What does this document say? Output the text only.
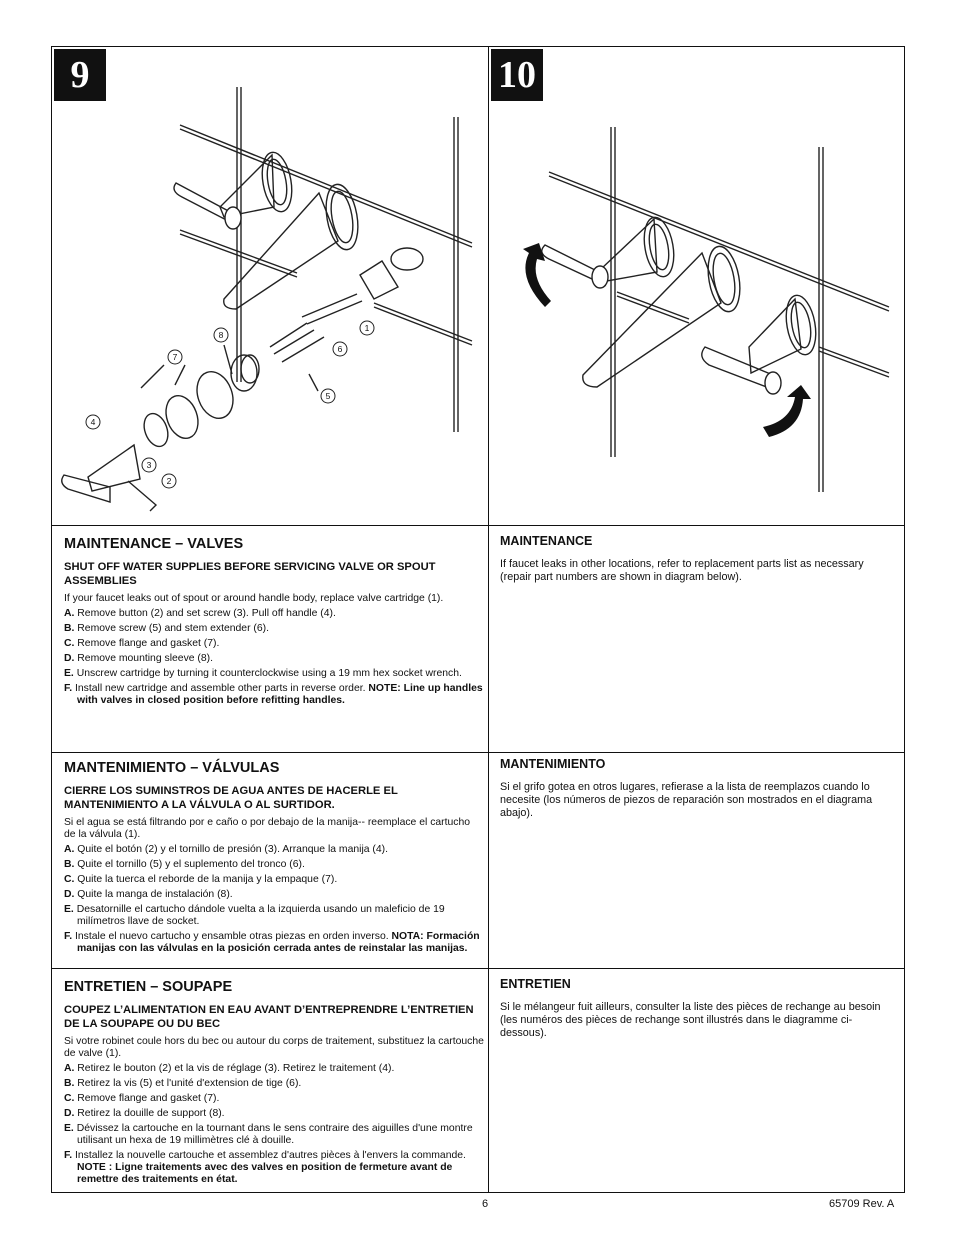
9	10
1
2
3
4
5
6
7
8
MAINTENANCE – VALVES

SHUT OFF WATER SUPPLIES BEFORE SERVICING VALVE OR SPOUT ASSEMBLIES

If your faucet leaks out of spout or around handle body, replace valve cartridge (1).

A. Remove button (2) and set screw (3). Pull off handle (4).

B. Remove screw (5) and stem extender (6).

C. Remove flange and gasket (7).

D. Remove mounting sleeve (8).

E. Unscrew cartridge by turning it counterclockwise using a 19 mm hex socket wrench.

F. Install new cartridge and assemble other parts in reverse order. NOTE: Line up handles with valves in closed position before refitting handles.

MAINTENANCE

If faucet leaks in other locations, refer to replacement parts list as necessary (repair part numbers are shown in diagram below).

MANTENIMIENTO – VÁLVULAS

CIERRE LOS SUMINSTROS DE AGUA ANTES DE HACERLE EL MANTENIMIENTO A LA VÁLVULA O AL SURTIDOR.

Si el agua se está filtrando por e caño o por debajo de la manija-- reemplace el cartucho de la válvula (1).

A. Quite el botón (2) y el tornillo de presión (3). Arranque la manija (4).

B. Quite el tornillo (5) y el suplemento del tronco (6).

C. Quite la tuerca el reborde de la manija y la empaque (7).

D. Quite la manga de instalación (8).

E. Desatornille el cartucho dándole vuelta a la izquierda usando un maleficio de 19 milímetros llave de socket.

F. Instale el nuevo cartucho y ensamble otras piezas en orden inverso. NOTA: Formación manijas con las válvulas en la posición cerrada antes de reinstalar las manijas.

MANTENIMIENTO

Si el grifo gotea en otros lugares, refierase a la lista de reemplazos cuando lo necesite (los números de piezos de reparación son mostrados en el diagrama abajo).

ENTRETIEN – SOUPAPE

COUPEZ L’ALIMENTATION EN EAU AVANT D’ENTREPRENDRE L’ENTRETIEN DE LA SOUPAPE OU DU BEC

Si votre robinet coule hors du bec ou autour du corps de traitement, substituez la cartouche de valve (1).

A. Retirez le bouton (2) et la vis de réglage (3). Retirez le traitement (4).

B. Retirez la vis (5) et l'unité d'extension de tige (6).

C. Remove flange and gasket (7).

D. Retirez la douille de support (8).

E. Dévissez la cartouche en la tournant dans le sens contraire des aiguilles d'une montre utilisant un hexa de 19 millimètres clé à douille.

F. Installez la nouvelle cartouche et assemblez d'autres pièces à l'envers la commande. NOTE : Ligne traitements avec des valves en position de fermeture avant de remettre des traitements en état.

ENTRETIEN

Si le mélangeur fuit ailleurs, consulter la liste des pièces de rechange au besoin (les numéros des pièces de rechange sont illustrés dans le diagramme ci-dessous).

6	65709 Rev. A
